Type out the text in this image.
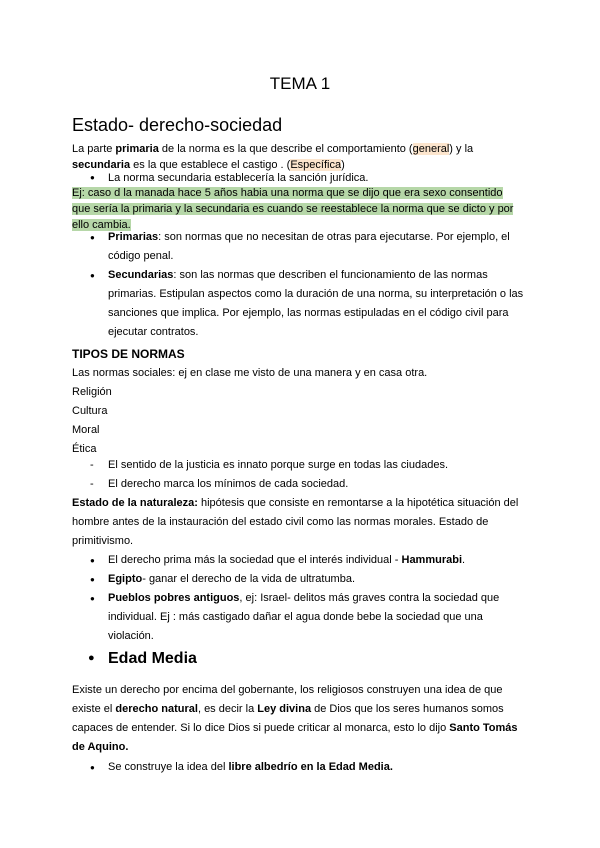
TEMA 1
Estado- derecho-sociedad
La parte primaria de la norma es la que describe el comportamiento (general) y la
secundaria es la que establece el castigo . (Específica)
● La norma secundaria establecería la sanción jurídica.
Ej: caso d la manada hace 5 años habia una norma que se dijo que era sexo consentido
que sería la primaria y la secundaria es cuando se reestablece la norma que se dicto y por
ello cambia.
● Primarias: son normas que no necesitan de otras para ejecutarse. Por ejemplo, el
código penal.
● Secundarias: son las normas que describen el funcionamiento de las normas
primarias. Estipulan aspectos como la duración de una norma, su interpretación o las
sanciones que implica. Por ejemplo, las normas estipuladas en el código civil para
ejecutar contratos.
TIPOS DE NORMAS
Las normas sociales: ej en clase me visto de una manera y en casa otra.
Religión
Cultura
Moral
Ética
- El sentido de la justicia es innato porque surge en todas las ciudades.
- El derecho marca los mínimos de cada sociedad.
Estado de la naturaleza: hipótesis que consiste en remontarse a la hipotética situación del
hombre antes de la instauración del estado civil como las normas morales. Estado de
primitivismo.
● El derecho prima más la sociedad que el interés individual - Hammurabi.
● Egipto- ganar el derecho de la vida de ultratumba.
● Pueblos pobres antiguos, ej: Israel- delitos más graves contra la sociedad que
individual. Ej : más castigado dañar el agua donde bebe la sociedad que una
violación.
● Edad Media
Existe un derecho por encima del gobernante, los religiosos construyen una idea de que
existe el derecho natural, es decir la Ley divina de Dios que los seres humanos somos
capaces de entender. Si lo dice Dios si puede criticar al monarca, esto lo dijo Santo Tomás
de Aquino.
● Se construye la idea del libre albedrío en la Edad Media.
